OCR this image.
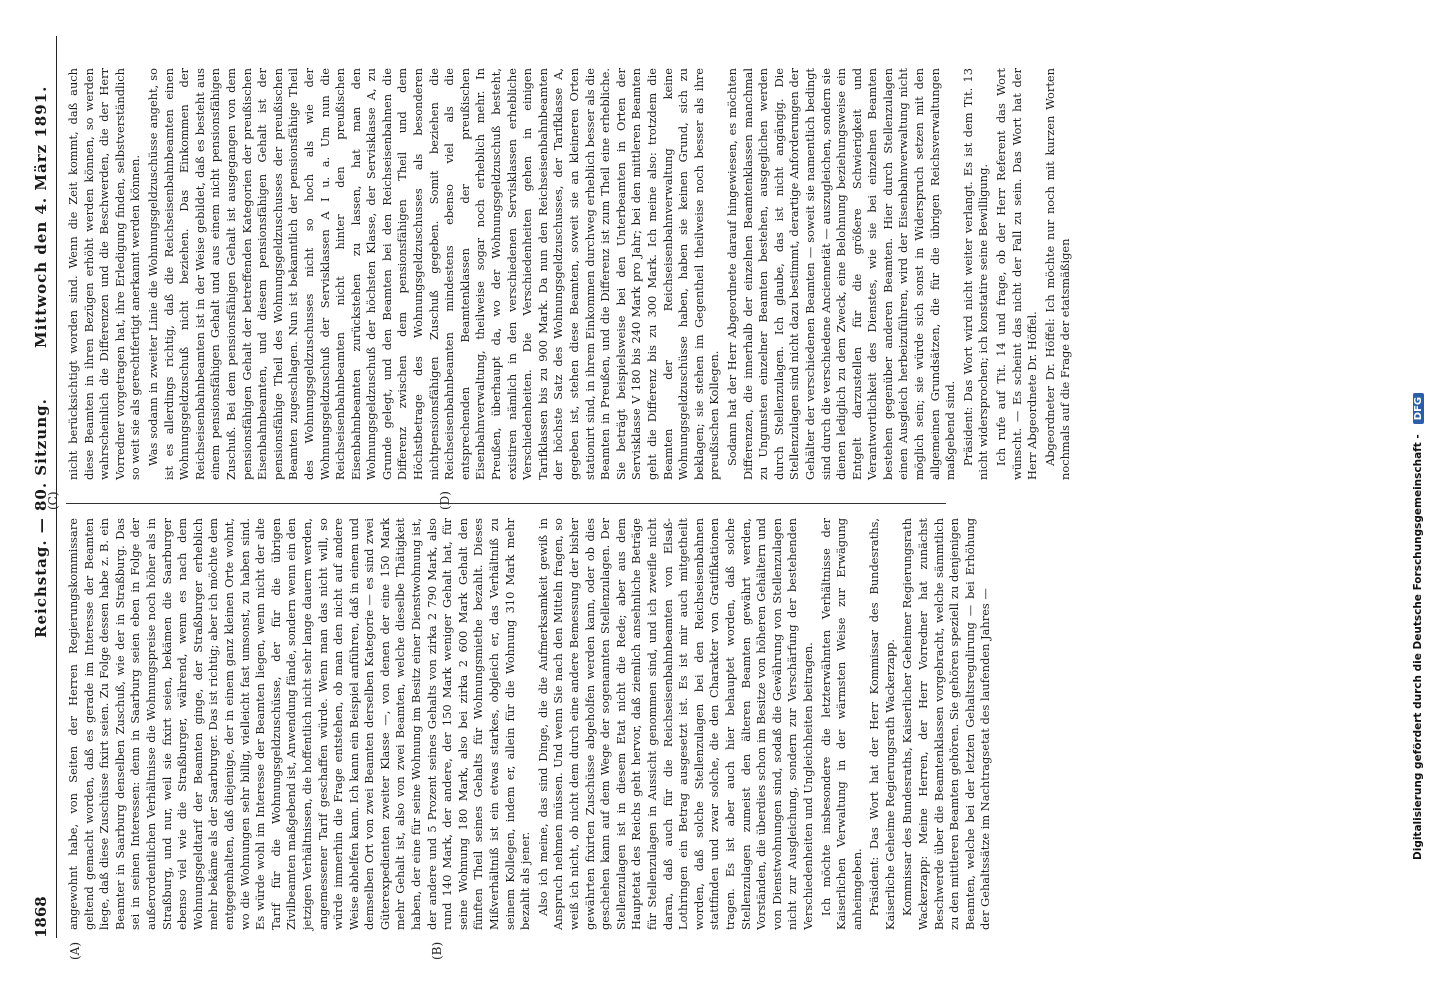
1868
Reichstag. — 80. Sitzung.
Mittwoch den 4. März 1891.
(A)	(B)
(C)	(D)

angewohnt habe, von Seiten der Herren Regierungskommissare geltend gemacht worden, daß es gerade im Interesse der Beamten liege, daß diese Zuschüsse fixirt seien. Zu Folge dessen habe z. B. ein Beamter in Saarburg denselben Zuschuß, wie der in Straßburg. Das sei in seinen Interessen: denn in Saarburg seien eben in Folge der außerordentlichen Verhältnisse die Wohnungspreise noch höher als in Straßburg, und nur, weil sie fixirt seien, bekämen die Saarburger ebenso viel wie die Straßburger, während, wenn es nach dem Wohnungsgeldtarif der Beamten ginge, der Straßburger erheblich mehr bekäme als der Saarburger. Das ist richtig; aber ich möchte dem entgegenhalten, daß diejenige, der in einem ganz kleinen Orte wohnt, wo die Wohnungen sehr billig, vielleicht fast umsonst, zu haben sind. Es würde wohl im Interesse der Beamten liegen, wenn nicht der alte Tarif für die Wohnungsgeldzuschüsse, der für die übrigen Zivilbeamten maßgebend ist, Anwendung fände, sondern wenn ein den jetzigen Verhältnissen, die hoffentlich nicht sehr lange dauern werden, angemessener Tarif geschaffen würde. Wenn man das nicht will, so würde immerhin die Frage entstehen, ob man den nicht auf andere Weise abhelfen kann. Ich kann ein Beispiel anführen, daß in einem und demselben Ort von zwei Beamten derselben Kategorie — es sind zwei Güterexpedienten zweiter Klasse —, von denen der eine 150 Mark mehr Gehalt ist, also von zwei Beamten, welche dieselbe Thätigkeit haben, der eine für seine Wohnung im Besitz einer Dienstwohnung ist, der andere und 5 Prozent seines Gehalts von zirka 2 790 Mark, also rund 140 Mark, der andere, der 150 Mark weniger Gehalt hat, für seine Wohnung 180 Mark, also bei zirka 2 600 Mark Gehalt den fünften Theil seines Gehalts für Wohnungsmiethe bezahlt. Dieses Mißverhältniß ist ein etwas starkes, obgleich er, das Verhältniß zu seinem Kollegen, indem er, allein für die Wohnung 310 Mark mehr bezahlt als jener. Also ich meine, das sind Dinge, die die Aufmerksamkeit gewiß in Anspruch nehmen müssen. Und wenn Sie nach den Mitteln fragen, so weiß ich nicht, ob nicht dem durch eine andere Bemessung der bisher gewährten fixirten Zuschüsse abgeholfen werden kann, oder ob dies geschehen kann auf dem Wege der sogenannten Stellenzulagen. Der Stellenzulagen ist in diesem Etat nicht die Rede; aber aus dem Hauptetat des Reichs geht hervor, daß ziemlich ansehnliche Beträge für Stellenzulagen in Aussicht genommen sind, und ich zweifle nicht daran, daß auch für die Reichseisenbahnbeamten von Elsaß-Lothringen ein Betrag ausgesetzt ist. Es ist mir auch mitgetheilt worden, daß solche Stellenzulagen bei den Reichseisenbahnen stattfinden und zwar solche, die den Charakter von Gratifikationen tragen. Es ist aber auch hier behauptet worden, daß solche Stellenzulagen zumeist den älteren Beamten gewährt werden, Vorständen, die überdies schon im Besitze von höheren Gehältern und von Dienstwohnungen sind, sodaß die Gewährung von Stellenzulagen nicht zur Ausgleichung, sondern zur Verschärfung der bestehenden Verschiedenheiten und Ungleichheiten beitragen. Ich möchte insbesondere die letzterwähnten Verhältnisse der Kaiserlichen Verwaltung in der wärmsten Weise zur Erwägung anheimgeben. Präsident: Das Wort hat der Herr Kommissar des Bundesraths, Kaiserliche Geheime Regierungsrath Wackerzapp. Kommissar des Bundesraths, Kaiserlicher Geheimer Regierungsrath Wackerzapp: Meine Herren, der Herr Vorredner hat zunächst Beschwerde über die Beamtenklassen vorgebracht, welche sämmtlich zu den mittleren Beamten gehören. Sie gehören speziell zu denjenigen Beamten, welche bei der letzten Gehaltsregulirung — bei Erhöhung der Gehaltssätze im Nachtragsetat des laufenden Jahres —

nicht berücksichtigt worden sind. Wenn die Zeit kommt, daß auch diese Beamten in ihren Bezügen erhöht werden können, so werden wahrscheinlich die Differenzen und die Beschwerden, die der Herr Vorredner vorgetragen hat, ihre Erledigung finden, selbstverständlich so weit sie als gerechtfertigt anerkannt werden können. Was sodann in zweiter Linie die Wohnungsgeldzuschüsse angeht, so ist es allerdings richtig, daß die Reichseisenbahnbeamten einen Wohnungsgeldzuschuß nicht beziehen. Das Einkommen der Reichseisenbahnbeamten ist in der Weise gebildet, daß es besteht aus einem pensionsfähigen Gehalt und aus einem nicht pensionsfähigen Zuschuß. Bei dem pensionsfähigen Gehalt ist ausgegangen von dem pensionsfähigen Gehalt der betreffenden Kategorien der preußischen Eisenbahnbeamten, und diesem pensionsfähigen Gehalt ist der pensionsfähige Theil des Wohnungsgeldzuschusses der preußischen Beamten zugeschlagen. Nun ist bekanntlich der pensionsfähige Theil des Wohnungsgeldzuschusses nicht so hoch als wie der Wohnungsgeldzuschuß der Servisklassen A I u. a. Um nun die Reichseisenbahnbeamten nicht hinter den preußischen Eisenbahnbeamten zurückstehen zu lassen, hat man den Wohnungsgeldzuschuß der höchsten Klasse, der Servisklasse A, zu Grunde gelegt, und den Beamten bei den Reichseisenbahnen die Differenz zwischen dem pensionsfähigen Theil und dem Höchstbetrage des Wohnungsgeldzuschusses als besonderen nichtpensionsfähigen Zuschuß gegeben. Somit beziehen die Reichseisenbahnbeamten mindestens ebenso viel als die entsprechenden Beamtenklassen der preußischen Eisenbahnverwaltung, theilweise sogar noch erheblich mehr. In Preußen, überhaupt da, wo der Wohnungsgeldzuschuß besteht, existiren nämlich in den verschiedenen Servisklassen erhebliche Verschiedenheiten. Die Verschiedenheiten gehen in einigen Tarifklassen bis zu 900 Mark. Da nun den Reichseisenbahnbeamten der höchste Satz des Wohnungsgeldzuschusses, der Tarifklasse A, gegeben ist, stehen diese Beamten, soweit sie an kleineren Orten stationirt sind, in ihrem Einkommen durchweg erheblich besser als die Beamten in Preußen, und die Differenz ist zum Theil eine erhebliche. Sie beträgt beispielsweise bei den Unterbeamten in Orten der Servisklasse V 180 bis 240 Mark pro Jahr; bei den mittleren Beamten geht die Differenz bis zu 300 Mark. Ich meine also: trotzdem die Beamten der Reichseisenbahnverwaltung keine Wohnungsgeldzuschüsse haben, haben sie keinen Grund, sich zu beklagen; sie stehen im Gegentheil theilweise noch besser als ihre preußischen Kollegen. Sodann hat der Herr Abgeordnete darauf hingewiesen, es möchten Differenzen, die innerhalb der einzelnen Beamtenklassen manchmal zu Ungunsten einzelner Beamten bestehen, ausgeglichen werden durch Stellenzulagen. Ich glaube, das ist nicht angängig. Die Stellenzulagen sind nicht dazu bestimmt, derartige Anforderungen der Gehälter der verschiedenen Beamten — soweit sie namentlich bedingt sind durch die verschiedene Anciennetät — auszugleichen, sondern sie dienen lediglich zu dem Zweck, eine Belohnung beziehungsweise ein Entgelt darzustellen für die größere Schwierigkeit und Verantwortlichkeit des Dienstes, wie sie bei einzelnen Beamten bestehen gegenüber anderen Beamten. Hier durch Stellenzulagen einen Ausgleich herbeizuführen, wird der Eisenbahnverwaltung nicht möglich sein; sie würde sich sonst in Widerspruch setzen mit den allgemeinen Grundsätzen, die für die übrigen Reichsverwaltungen maßgebend sind. Präsident: Das Wort wird nicht weiter verlangt. Es ist dem Tit. 13 nicht widersprochen; ich konstatire seine Bewilligung. Ich rufe auf Tit. 14 und frage, ob der Herr Referent das Wort wünscht. — Es scheint das nicht der Fall zu sein. Das Wort hat der Herr Abgeordnete Dr. Höffel. Abgeordneter Dr. Höffel: Ich möchte nur noch mit kurzen Worten nochmals auf die Frage der etatsmäßigen

Digitalisierung gefördert durch die Deutsche Forschungsgemeinschaft -DFG
